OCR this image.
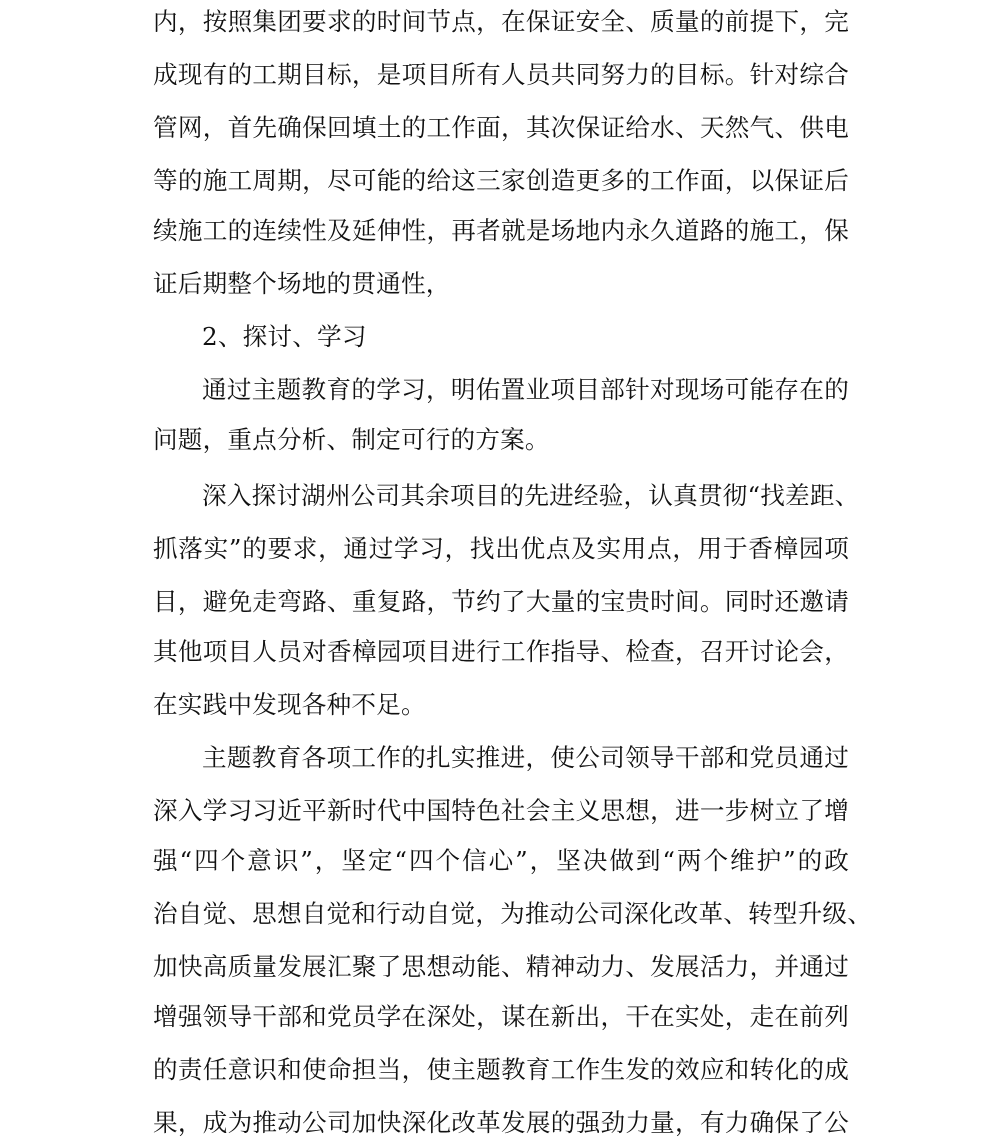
内，按照集团要求的时间节点，在保证安全、质量的前提下，完
成现有的工期目标，是项目所有人员共同努力的目标。针对综合
管网，首先确保回填土的工作面，其次保证给水、天然气、供电
等的施工周期，尽可能的给这三家创造更多的工作面，以保证后
续施工的连续性及延伸性，再者就是场地内永久道路的施工，保
证后期整个场地的贯通性，
2、探讨、学习
通过主题教育的学习，明佑置业项目部针对现场可能存在的
问题，重点分析、制定可行的方案。
深入探讨湖州公司其余项目的先进经验，认真贯彻“找差距、
抓落实”的要求，通过学习，找出优点及实用点，用于香樟园项
目，避免走弯路、重复路，节约了大量的宝贵时间。同时还邀请
其他项目人员对香樟园项目进行工作指导、检查，召开讨论会，
在实践中发现各种不足。
主题教育各项工作的扎实推进，使公司领导干部和党员通过
深入学习习近平新时代中国特色社会主义思想，进一步树立了增
强“四个意识”，坚定“四个信心”，坚决做到“两个维护”的政
治自觉、思想自觉和行动自觉，为推动公司深化改革、转型升级、
加快高质量发展汇聚了思想动能、精神动力、发展活力，并通过
增强领导干部和党员学在深处，谋在新出，干在实处，走在前列
的责任意识和使命担当，使主题教育工作生发的效应和转化的成
果，成为推动公司加快深化改革发展的强劲力量，有力确保了公
